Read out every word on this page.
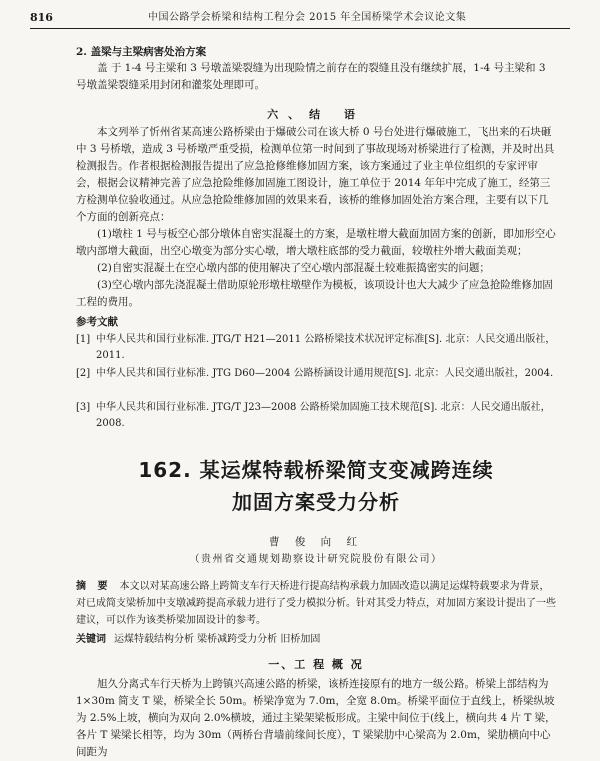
816	中国公路学会桥梁和结构工程分会 2015 年全国桥梁学术会议论文集
2. 盖梁与主梁病害处治方案
盖 于 1-4 号主梁和 3 号墩盖梁裂缝为出现险情之前存在的裂缝且没有继续扩展，1-4 号主梁和 3 号墩盖梁裂缝采用封闭和灌浆处理即可。
六、结 语
本文列举了忻州省某高速公路桥梁由于爆破公司在该大桥 0 号台处进行爆破施工，飞出来的石块砸中 3 号桥墩，造成 3 号桥墩严重受损，检测单位第一时间到了事故现场对桥梁进行了检测，并及时出具检测报告。作者根据检测报告提出了应急抢修维修加固方案，该方案通过了业主单位组织的专家评审会，根据会议精神完善了应急抢险维修加固施工图设计，施工单位于 2014 年年中完成了施工，经第三方检测单位验收通过。从应急抢险维修加固的效果来看，该桥的维修加固处治方案合理，主要有以下几个方面的创新亮点：
(1)墩柱 1 号与板空心部分墩体自密实混凝土的方案，是墩柱增大截面加固方案的创新，即加形空心墩内部增大截面，出空心墩变为部分实心墩，增大墩柱底部的受力截面，较墩柱外增大截面美观；
(2)自密实混凝土在空心墩内部的使用解决了空心墩内部混凝土较难振捣密实的问题；
(3)空心墩内部先浇混凝土借助原轮形墩柱墩壁作为模板，该项设计也大大减少了应急抢险维修加固工程的费用。
参考文献
[1] 中华人民共和国行业标准. JTG/T H21—2011 公路桥梁技术状况评定标准[S]. 北京：人民交通出版社，2011.
[2] 中华人民共和国行业标准. JTG D60—2004 公路桥涵设计通用规范[S]. 北京：人民交通出版社，2004.
[3] 中华人民共和国行业标准. JTG/T J23—2008 公路桥梁加固施工技术规范[S]. 北京：人民交通出版社，2008.
162. 某运煤特载桥梁简支变减跨连续
加固方案受力分析
曹 俊 向 红
（贵州省交通规划勘察设计研究院股份有限公司）
摘 要 本文以对某高速公路上跨简支车行天桥进行提高结构承载力加固改造以满足运煤特载要求为背景，对已成简支梁桥加中支墩减跨提高承载力进行了受力模拟分析。针对其受力特点，对加固方案设计提出了一些建议，可以作为该类桥梁加固设计的参考。
关键词 运煤特载结构分析 梁桥减跨受力分析 旧桥加固
一、工 程 概 况
旭久分离式车行天桥为上跨镇兴高速公路的桥梁，该桥连接原有的地方一级公路。桥梁上部结构为 1×30m 简支 T 梁，桥梁全长 50m。桥梁净宽为 7.0m，全宽 8.0m。桥梁平面位于直线上，桥梁纵坡为 2.5%上坡，横向为双向 2.0%横坡，通过主梁架梁板形成。主梁中间位于(线上，横向共 4 片 T 梁，各片 T 梁梁长相等，均为 30m（两桥台背墙前缘间长度），T 梁梁肋中心梁高为 2.0m，梁肋横向中心间距为
